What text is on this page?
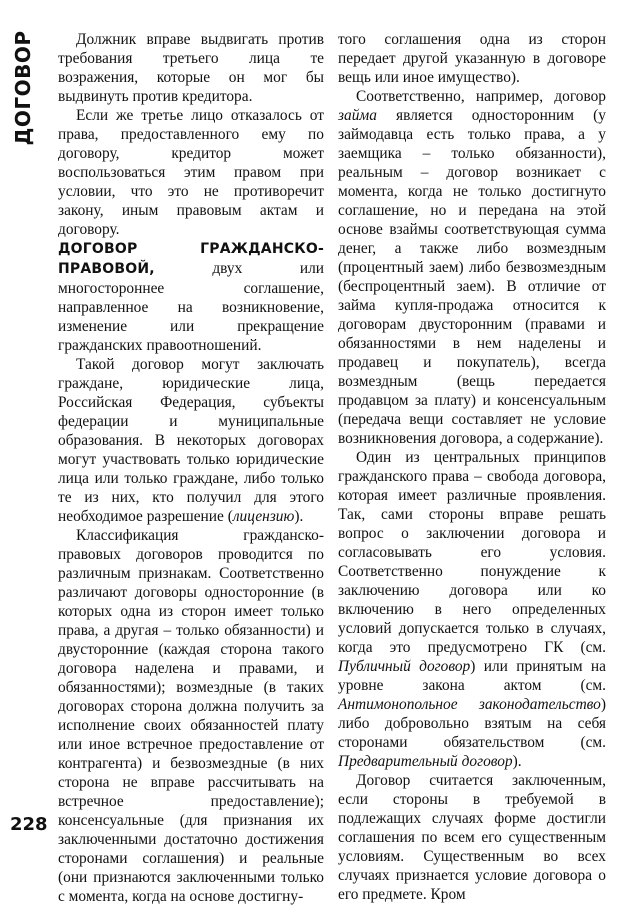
ДОГОВОР
228

Должник вправе выдвигать против требования третьего лица те возражения, которые он мог бы выдвинуть против кредитора.

Если же третье лицо отказалось от права, предоставленного ему по договору, кредитор может воспользоваться этим правом при условии, что это не противоречит закону, иным правовым актам и договору.

ДОГОВОР ГРАЖДАНСКО-ПРАВОВОЙ, двух или многостороннее соглашение, направленное на возникновение, изменение или прекращение гражданских правоотношений.

Такой договор могут заключать граждане, юридические лица, Российская Федерация, субъекты федерации и муниципальные образования. В некоторых договорах могут участвовать только юридические лица или только граждане, либо только те из них, кто получил для этого необходимое разрешение (лицензию).

Классификация гражданско-правовых договоров проводится по различным признакам. Соответственно различают договоры односторонние (в которых одна из сторон имеет только права, а другая – только обязанности) и двусторонние (каждая сторона такого договора наделена и правами, и обязанностями); возмездные (в таких договорах сторона должна получить за исполнение своих обязанностей плату или иное встречное предоставление от контрагента) и безвозмездные (в них сторона не вправе рассчитывать на встречное предоставление); консенсуальные (для признания их заключенными достаточно достижения сторонами соглашения) и реальные (они признаются заключенными только с момента, когда на основе достигну-

того соглашения одна из сторон передает другой указанную в договоре вещь или иное имущество).

Соответственно, например, договор займа является односторонним (у займодавца есть только права, а у заемщика – только обязанности), реальным – договор возникает с момента, когда не только достигнуто соглашение, но и передана на этой основе взаймы соответствующая сумма денег, а также либо возмездным (процентный заем) либо безвозмездным (беспроцентный заем). В отличие от займа купля-продажа относится к договорам двусторонним (правами и обязанностями в нем наделены и продавец и покупатель), всегда возмездным (вещь передается продавцом за плату) и консенсуальным (передача вещи составляет не условие возникновения договора, а содержание).

Один из центральных принципов гражданского права – свобода договора, которая имеет различные проявления. Так, сами стороны вправе решать вопрос о заключении договора и согласовывать его условия. Соответственно понуждение к заключению договора или ко включению в него определенных условий допускается только в случаях, когда это предусмотрено ГК (см. Публичный договор) или принятым на уровне закона актом (см. Антимонопольное законодательство) либо добровольно взятым на себя сторонами обязательством (см. Предварительный договор).

Договор считается заключенным, если стороны в требуемой в подлежащих случаях форме достигли соглашения по всем его существенным условиям. Существенным во всех случаях признается условие договора о его предмете. Кром
